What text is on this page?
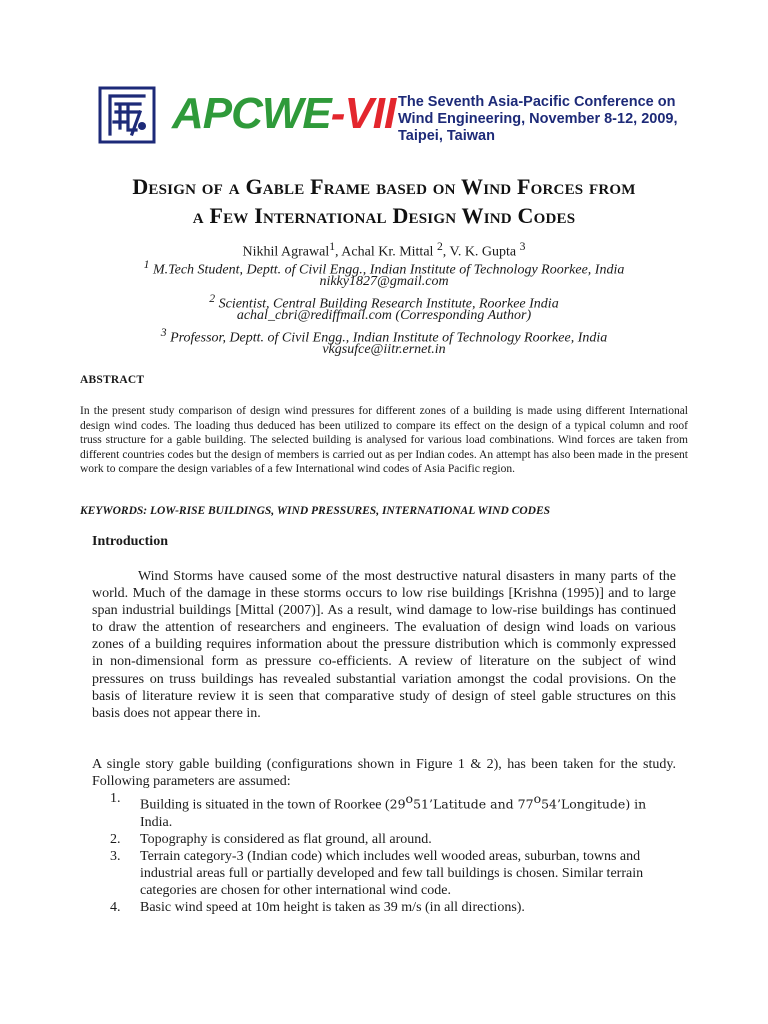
APCWE-VII The Seventh Asia-Pacific Conference on
Wind Engineering, November 8-12, 2009,
Taipei, Taiwan
Design of a Gable Frame based on Wind Forces from
a Few International Design Wind Codes
Nikhil Agrawal$^1$, Achal Kr. Mittal $^2$, V. K. Gupta $^3$
$^1$ M.Tech Student, Deptt. of Civil Engg., Indian Institute of Technology Roorkee, India
nikky1827@gmail.com
$^2$ Scientist, Central Building Research Institute, Roorkee India
achal_cbri@rediffmail.com (Corresponding Author)
$^3$ Professor, Deptt. of Civil Engg., Indian Institute of Technology Roorkee, India
vkgsufce@iitr.ernet.in
ABSTRACT
In the present study comparison of design wind pressures for different zones of a building is made using different International design wind codes. The loading thus deduced has been utilized to compare its effect on the design of a typical column and roof truss structure for a gable building. The selected building is analysed for various load combinations. Wind forces are taken from different countries codes but the design of members is carried out as per Indian codes. An attempt has also been made in the present work to compare the design variables of a few International wind codes of Asia Pacific region.
KEYWORDS: LOW-RISE BUILDINGS, WIND PRESSURES, INTERNATIONAL WIND CODES
Introduction
Wind Storms have caused some of the most destructive natural disasters in many parts of the world. Much of the damage in these storms occurs to low rise buildings [Krishna (1995)] and to large span industrial buildings [Mittal (2007)]. As a result, wind damage to low-rise buildings has continued to draw the attention of researchers and engineers. The evaluation of design wind loads on various zones of a building requires information about the pressure distribution which is commonly expressed in non-dimensional form as pressure co-efficients. A review of literature on the subject of wind pressures on truss buildings has revealed substantial variation amongst the codal provisions. On the basis of literature review it is seen that comparative study of design of steel gable structures on this basis does not appear there in.
A single story gable building (configurations shown in Figure 1 & 2), has been taken for the study. Following parameters are assumed:
1. Building is situated in the town of Roorkee (29$^o$51’Latitude and 77$^o$54’Longitude) in
India.
2. Topography is considered as flat ground, all around.
3. Terrain category-3 (Indian code) which includes well wooded areas, suburban, towns and industrial areas full or partially developed and few tall buildings is chosen. Similar terrain categories are chosen for other international wind code.
4. Basic wind speed at 10m height is taken as 39 m/s (in all directions).
